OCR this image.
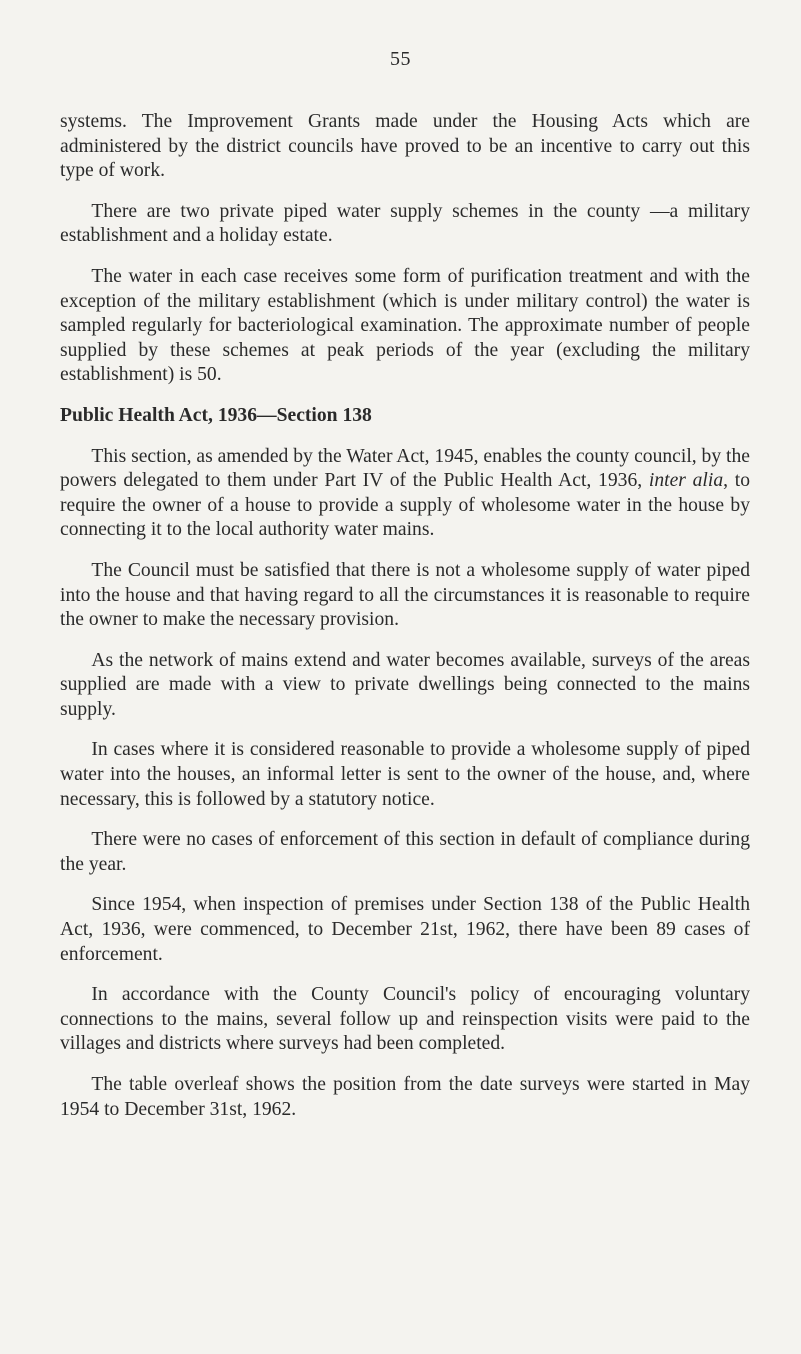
55

systems. The Improvement Grants made under the Housing Acts which are administered by the district councils have proved to be an incentive to carry out this type of work.

There are two private piped water supply schemes in the county —a military establishment and a holiday estate.

The water in each case receives some form of purification treatment and with the exception of the military establishment (which is under military control) the water is sampled regularly for bacteriological examination. The approximate number of people supplied by these schemes at peak periods of the year (excluding the military establishment) is 50.

Public Health Act, 1936—Section 138

This section, as amended by the Water Act, 1945, enables the county council, by the powers delegated to them under Part IV of the Public Health Act, 1936, inter alia, to require the owner of a house to provide a supply of wholesome water in the house by connecting it to the local authority water mains.

The Council must be satisfied that there is not a wholesome supply of water piped into the house and that having regard to all the circumstances it is reasonable to require the owner to make the necessary provision.

As the network of mains extend and water becomes available, surveys of the areas supplied are made with a view to private dwellings being connected to the mains supply.

In cases where it is considered reasonable to provide a wholesome supply of piped water into the houses, an informal letter is sent to the owner of the house, and, where necessary, this is followed by a statutory notice.

There were no cases of enforcement of this section in default of compliance during the year.

Since 1954, when inspection of premises under Section 138 of the Public Health Act, 1936, were commenced, to December 21st, 1962, there have been 89 cases of enforcement.

In accordance with the County Council's policy of encouraging voluntary connections to the mains, several follow up and reinspection visits were paid to the villages and districts where surveys had been completed.

The table overleaf shows the position from the date surveys were started in May 1954 to December 31st, 1962.
